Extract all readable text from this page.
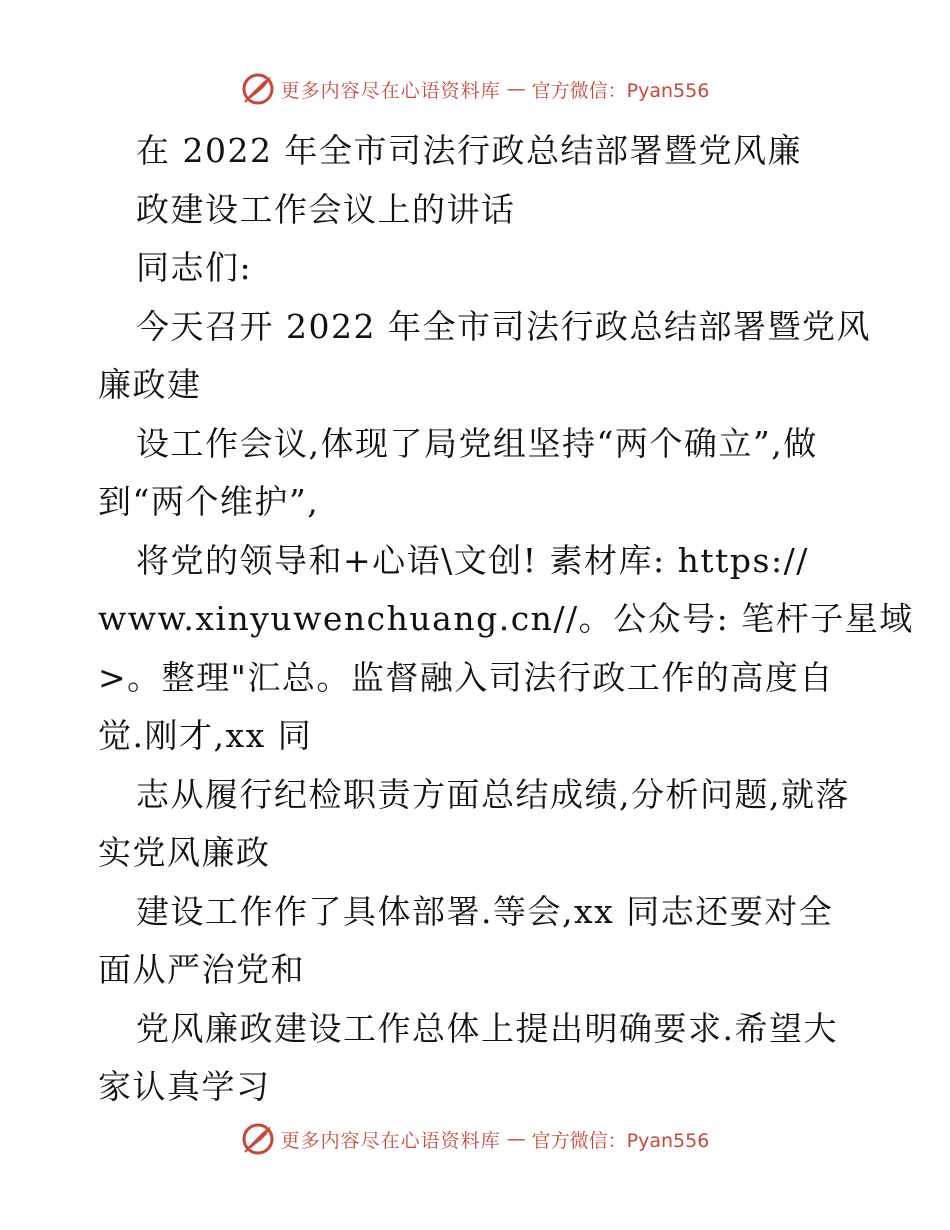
更多内容尽在心语资料库 — 官方微信：Pyan556
在 2022 年全市司法行政总结部署暨党风廉
政建设工作会议上的讲话
同志们:
今天召开 2022 年全市司法行政总结部署暨党风
廉政建
设工作会议,体现了局党组坚持“两个确立”,做
到“两个维护”,
将党的领导和+心语\文创! 素材库: https://
www.xinyuwenchuang.cn//。公众号: 笔杆子星域
>。整理"汇总。监督融入司法行政工作的高度自
觉.刚才,xx 同
志从履行纪检职责方面总结成绩,分析问题,就落
实党风廉政
建设工作作了具体部署.等会,xx 同志还要对全
面从严治党和
党风廉政建设工作总体上提出明确要求.希望大
家认真学习
更多内容尽在心语资料库 — 官方微信：Pyan556
